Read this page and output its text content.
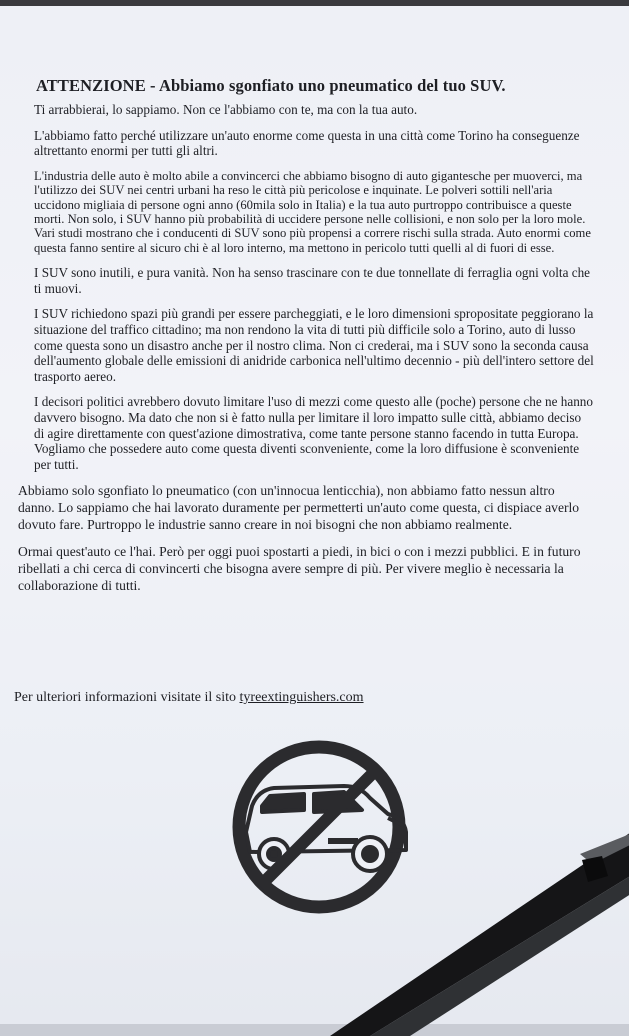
ATTENZIONE - Abbiamo sgonfiato uno pneumatico del tuo SUV.

Ti arrabbierai, lo sappiamo. Non ce l'abbiamo con te, ma con la tua auto.

L'abbiamo fatto perché utilizzare un'auto enorme come questa in una città come Torino ha conseguenze altrettanto enormi per tutti gli altri.

L'industria delle auto è molto abile a convincerci che abbiamo bisogno di auto gigantesche per muoverci, ma l'utilizzo dei SUV nei centri urbani ha reso le città più pericolose e inquinate. Le polveri sottili nell'aria uccidono migliaia di persone ogni anno (60mila solo in Italia) e la tua auto purtroppo contribuisce a queste morti. Non solo, i SUV hanno più probabilità di uccidere persone nelle collisioni, e non solo per la loro mole. Vari studi mostrano che i conducenti di SUV sono più propensi a correre rischi sulla strada. Auto enormi come questa fanno sentire al sicuro chi è al loro interno, ma mettono in pericolo tutti quelli al di fuori di esse.

I SUV sono inutili, e pura vanità. Non ha senso trascinare con te due tonnellate di ferraglia ogni volta che ti muovi.

I SUV richiedono spazi più grandi per essere parcheggiati, e le loro dimensioni spropositate peggiorano la situazione del traffico cittadino; ma non rendono la vita di tutti più difficile solo a Torino, auto di lusso come questa sono un disastro anche per il nostro clima. Non ci crederai, ma i SUV sono la seconda causa dell'aumento globale delle emissioni di anidride carbonica nell'ultimo decennio - più dell'intero settore del trasporto aereo.

I decisori politici avrebbero dovuto limitare l'uso di mezzi come questo alle (poche) persone che ne hanno davvero bisogno. Ma dato che non si è fatto nulla per limitare il loro impatto sulle città, abbiamo deciso di agire direttamente con quest'azione dimostrativa, come tante persone stanno facendo in tutta Europa. Vogliamo che possedere auto come questa diventi sconveniente, come la loro diffusione è sconveniente per tutti.

Abbiamo solo sgonfiato lo pneumatico (con un'innocua lenticchia), non abbiamo fatto nessun altro danno. Lo sappiamo che hai lavorato duramente per permetterti un'auto come questa, ci dispiace averlo dovuto fare. Purtroppo le industrie sanno creare in noi bisogni che non abbiamo realmente.

Ormai quest'auto ce l'hai. Però per oggi puoi spostarti a piedi, in bici o con i mezzi pubblici. E in futuro ribellati a chi cerca di convincerti che bisogna avere sempre di più. Per vivere meglio è necessaria la collaborazione di tutti.

Per ulteriori informazioni visitate il sito tyreextinguishers.com
